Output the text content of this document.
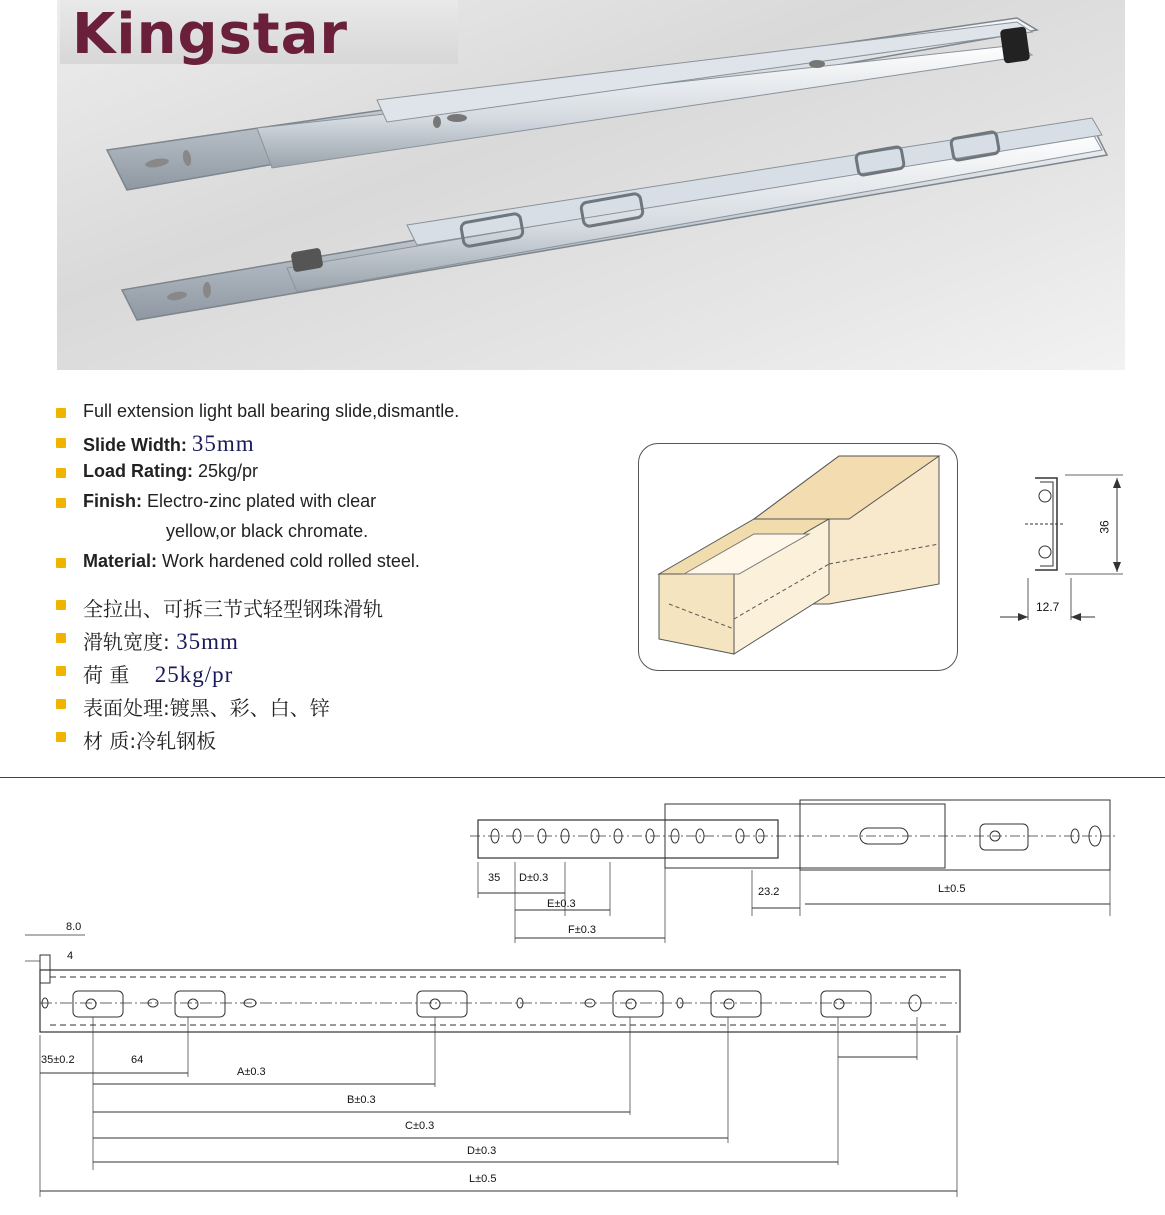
Kingstar
Full extension light ball bearing slide,dismantle.
Slide Width: 35mm
Load Rating: 25kg/pr
Finish: Electro-zinc plated with clear
yellow,or black chromate.
Material: Work hardened cold rolled steel.
全拉出、可拆三节式轻型钢珠滑轨
滑轨宽度: 35mm
荷 重 25kg/pr
表面处理:镀黑、彩、白、锌
材 质:冷轧钢板
36
12.7
35 D±0.3
E±0.3
F±0.3
23.2	L±0.5
8.0
4
35±0.2	64
A±0.3
B±0.3
C±0.3
D±0.3
L±0.5
